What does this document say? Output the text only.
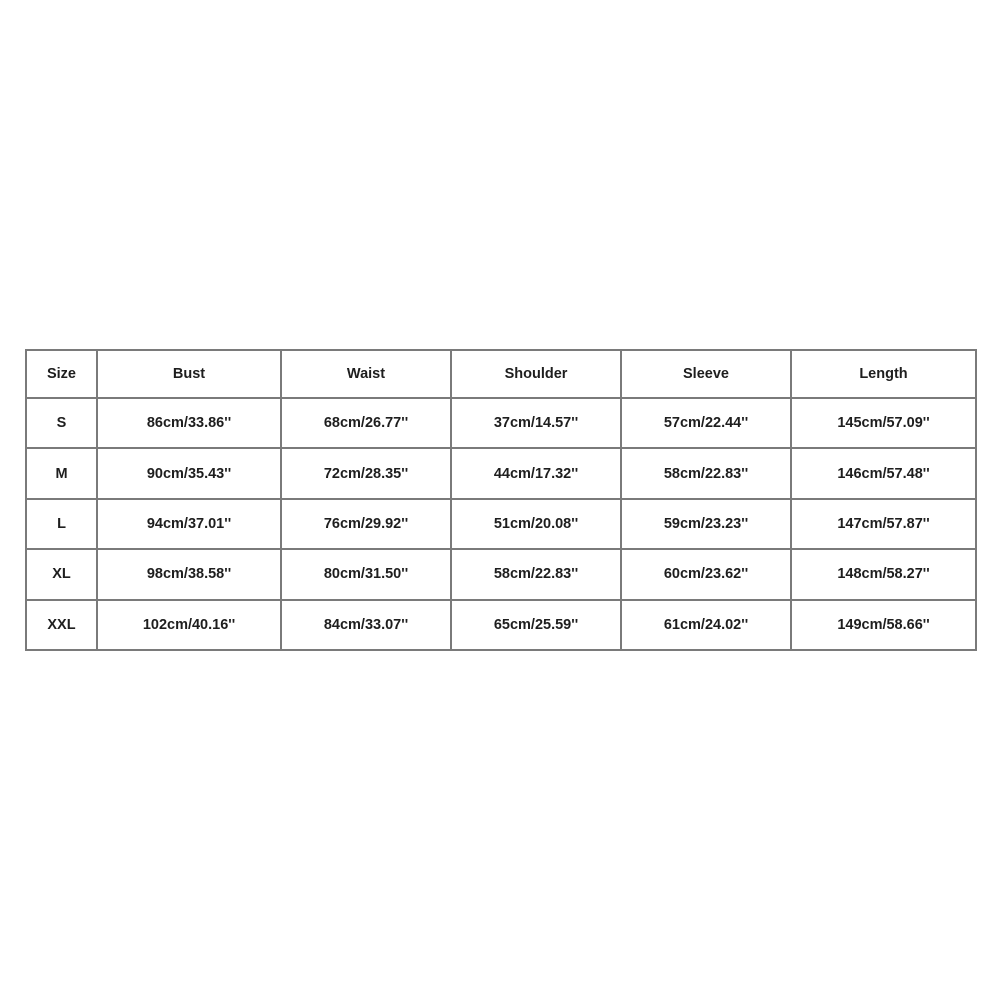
Size	Bust	Waist	Shoulder	Sleeve	Length
S	86cm/33.86''	68cm/26.77''	37cm/14.57''	57cm/22.44''	145cm/57.09''
M	90cm/35.43''	72cm/28.35''	44cm/17.32''	58cm/22.83''	146cm/57.48''
L	94cm/37.01''	76cm/29.92''	51cm/20.08''	59cm/23.23''	147cm/57.87''
XL	98cm/38.58''	80cm/31.50''	58cm/22.83''	60cm/23.62''	148cm/58.27''
XXL	102cm/40.16''	84cm/33.07''	65cm/25.59''	61cm/24.02''	149cm/58.66''
